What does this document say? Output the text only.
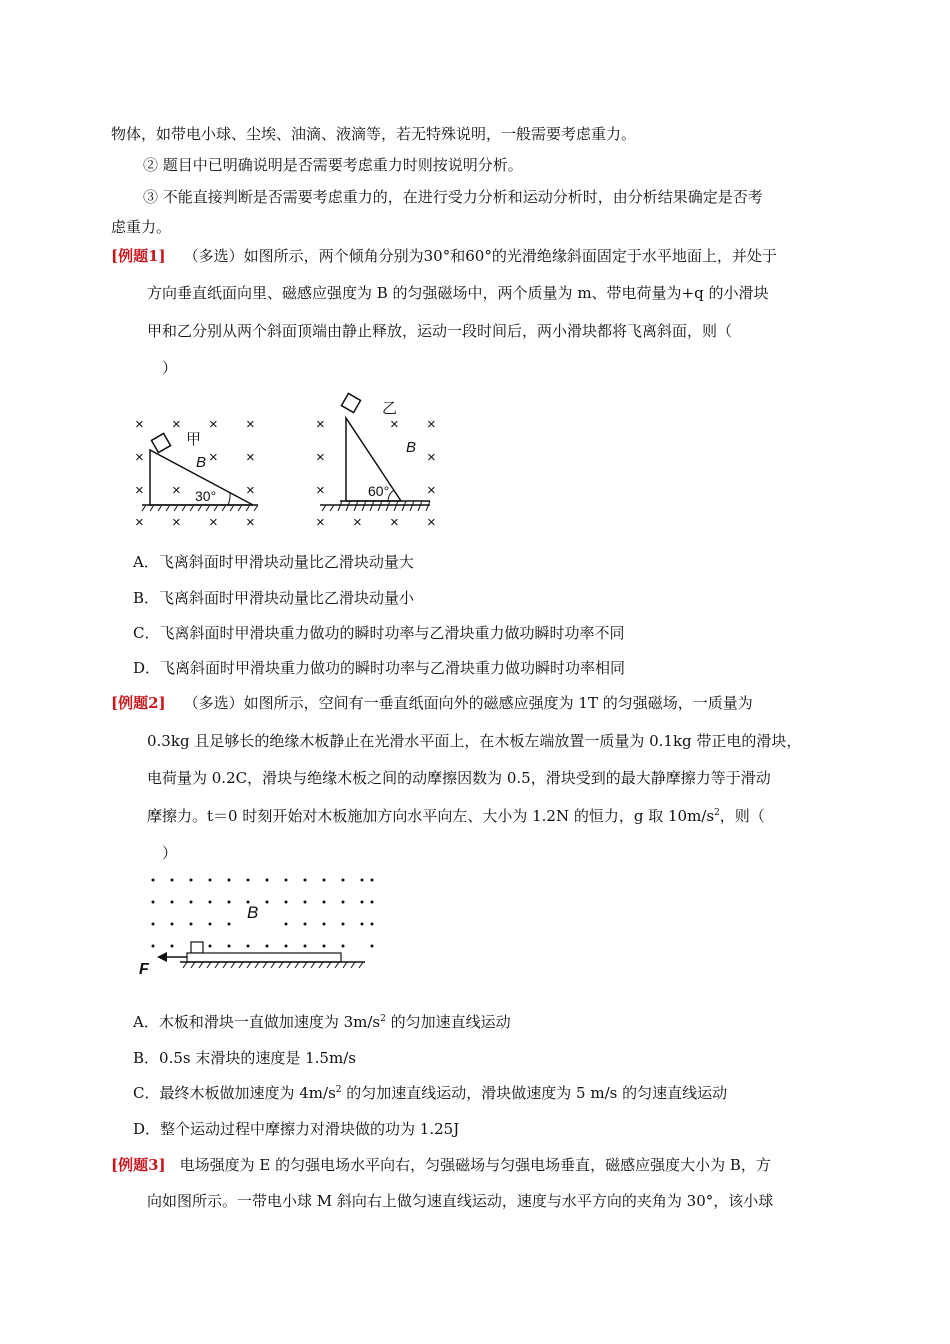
物体，如带电小球、尘埃、油滴、液滴等，若无特殊说明，一般需要考虑重力。
② 题目中已明确说明是否需要考虑重力时则按说明分析。
③ 不能直接判断是否需要考虑重力的，在进行受力分析和运动分析时，由分析结果确定是否考
虑重力。
[例题1] （多选）如图所示，两个倾角分别为30°和60°的光滑绝缘斜面固定于水平地面上，并处于
方向垂直纸面向里、磁感应强度为 B 的匀强磁场中，两个质量为 m、带电荷量为+q 的小滑块
甲和乙分别从两个斜面顶端由静止释放，运动一段时间后，两小滑块都将飞离斜面，则（
）
× × × ×
×	× ×
× ×	×
× × × ×
甲
B
30°
×	× ×
×	×
×	×
× × × ×
乙
B
60°
A．飞离斜面时甲滑块动量比乙滑块动量大
B．飞离斜面时甲滑块动量比乙滑块动量小
C．飞离斜面时甲滑块重力做功的瞬时功率与乙滑块重力做功瞬时功率不同
D．飞离斜面时甲滑块重力做功的瞬时功率与乙滑块重力做功瞬时功率相同
[例题2] （多选）如图所示，空间有一垂直纸面向外的磁感应强度为 1T 的匀强磁场，一质量为
0.3kg 且足够长的绝缘木板静止在光滑水平面上，在木板左端放置一质量为 0.1kg 带正电的滑块，
电荷量为 0.2C，滑块与绝缘木板之间的动摩擦因数为 0.5，滑块受到的最大静摩擦力等于滑动
摩擦力。t＝0 时刻开始对木板施加方向水平向左、大小为 1.2N 的恒力，g 取 $10m/s^2$，则（
）
B
F
A．木板和滑块一直做加速度为 $3m/s^2$ 的匀加速直线运动
B．0.5s 末滑块的速度是 1.5m/s
C．最终木板做加速度为 $4m/s^2$ 的匀加速直线运动，滑块做速度为 5 m/s 的匀速直线运动
D．整个运动过程中摩擦力对滑块做的功为 1.25J
[例题3] 电场强度为 E 的匀强电场水平向右，匀强磁场与匀强电场垂直，磁感应强度大小为 B，方
向如图所示。一带电小球 M 斜向右上做匀速直线运动，速度与水平方向的夹角为 30°，该小球
